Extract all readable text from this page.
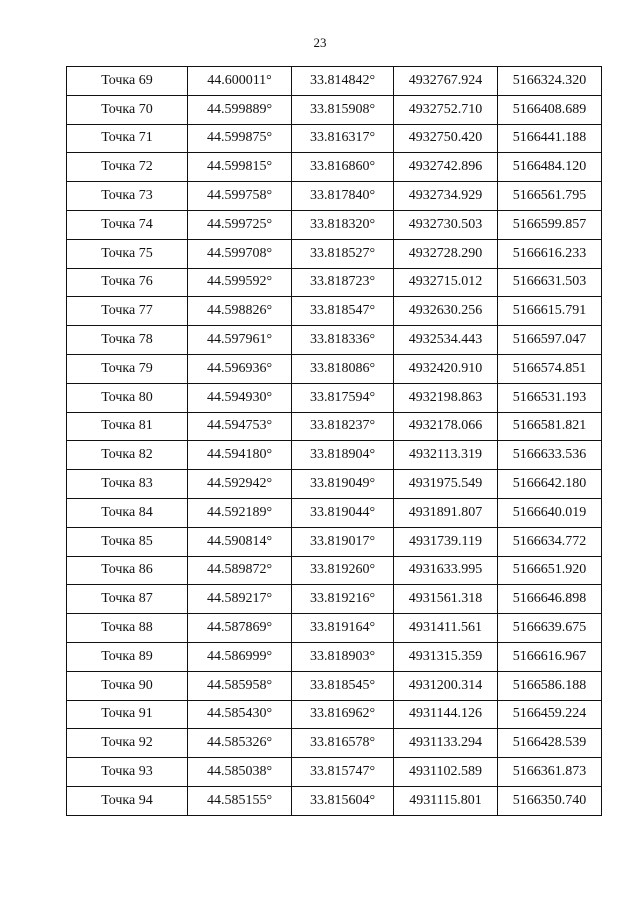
23
Точка 69	44.600011°	33.814842°	4932767.924	5166324.320
Точка 70	44.599889°	33.815908°	4932752.710	5166408.689
Точка 71	44.599875°	33.816317°	4932750.420	5166441.188
Точка 72	44.599815°	33.816860°	4932742.896	5166484.120
Точка 73	44.599758°	33.817840°	4932734.929	5166561.795
Точка 74	44.599725°	33.818320°	4932730.503	5166599.857
Точка 75	44.599708°	33.818527°	4932728.290	5166616.233
Точка 76	44.599592°	33.818723°	4932715.012	5166631.503
Точка 77	44.598826°	33.818547°	4932630.256	5166615.791
Точка 78	44.597961°	33.818336°	4932534.443	5166597.047
Точка 79	44.596936°	33.818086°	4932420.910	5166574.851
Точка 80	44.594930°	33.817594°	4932198.863	5166531.193
Точка 81	44.594753°	33.818237°	4932178.066	5166581.821
Точка 82	44.594180°	33.818904°	4932113.319	5166633.536
Точка 83	44.592942°	33.819049°	4931975.549	5166642.180
Точка 84	44.592189°	33.819044°	4931891.807	5166640.019
Точка 85	44.590814°	33.819017°	4931739.119	5166634.772
Точка 86	44.589872°	33.819260°	4931633.995	5166651.920
Точка 87	44.589217°	33.819216°	4931561.318	5166646.898
Точка 88	44.587869°	33.819164°	4931411.561	5166639.675
Точка 89	44.586999°	33.818903°	4931315.359	5166616.967
Точка 90	44.585958°	33.818545°	4931200.314	5166586.188
Точка 91	44.585430°	33.816962°	4931144.126	5166459.224
Точка 92	44.585326°	33.816578°	4931133.294	5166428.539
Точка 93	44.585038°	33.815747°	4931102.589	5166361.873
Точка 94	44.585155°	33.815604°	4931115.801	5166350.740
